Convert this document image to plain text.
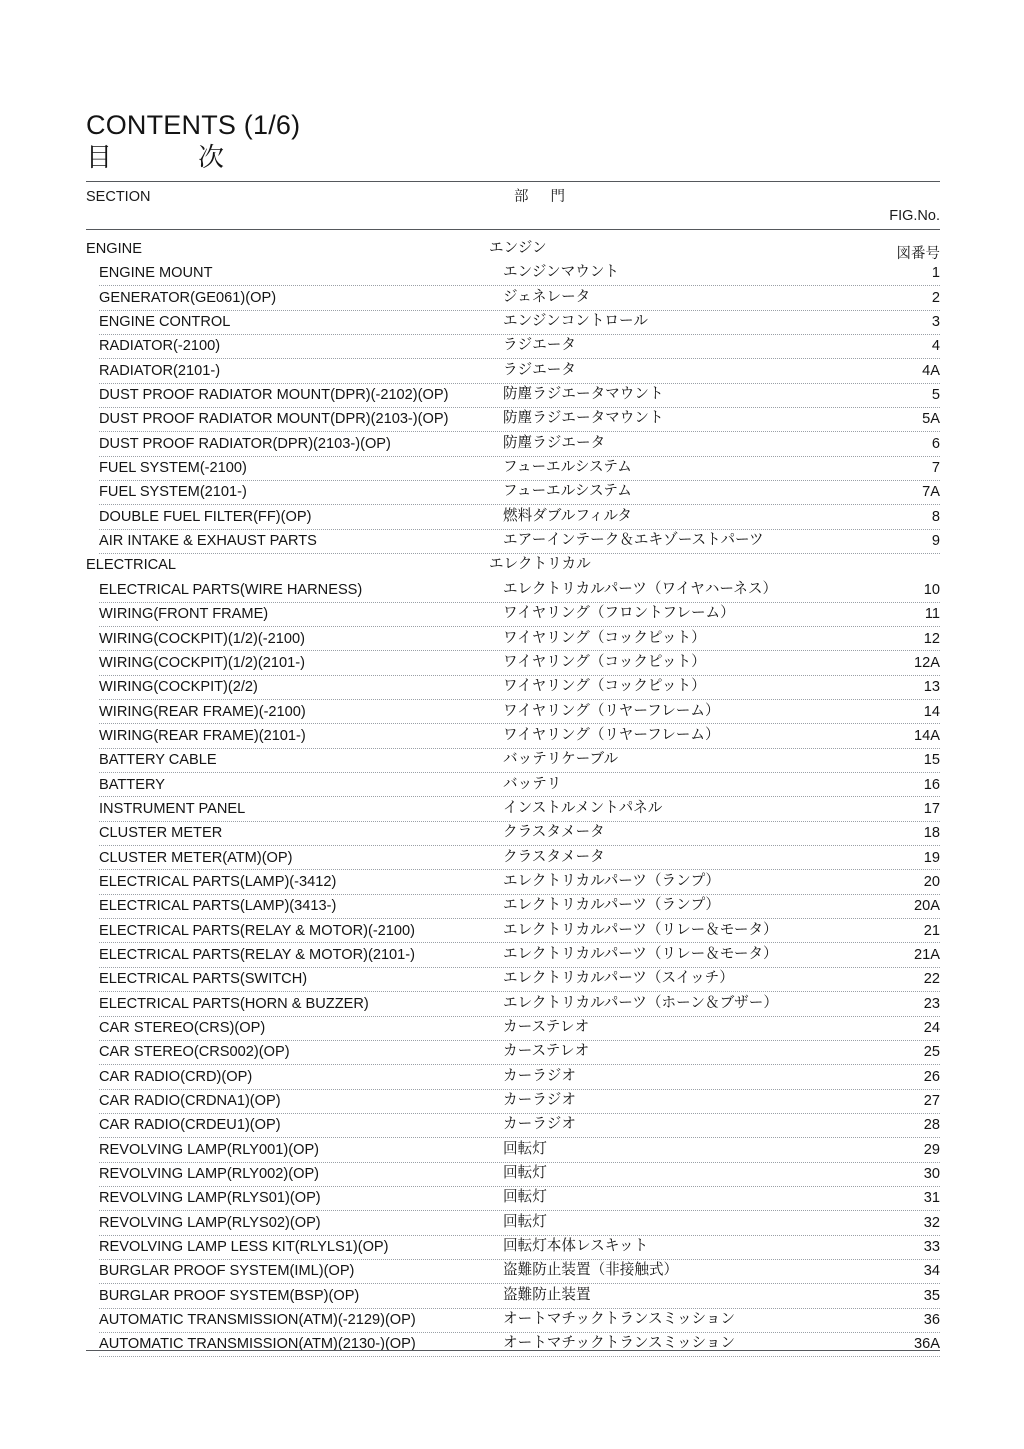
CONTENTS (1/6)
目	次
SECTION	部 門

FIG.No.

図番号

ENGINE	エンジン
ENGINE MOUNT	エンジンマウント	1
GENERATOR(GE061)(OP)	ジェネレータ	2
ENGINE CONTROL	エンジンコントロール	3
RADIATOR(-2100)	ラジエータ	4
RADIATOR(2101-)	ラジエータ	4A
DUST PROOF RADIATOR MOUNT(DPR)(-2102)(OP)	防塵ラジエータマウント	5
DUST PROOF RADIATOR MOUNT(DPR)(2103-)(OP)	防塵ラジエータマウント	5A
DUST PROOF RADIATOR(DPR)(2103-)(OP)	防塵ラジエータ	6
FUEL SYSTEM(-2100)	フューエルシステム	7
FUEL SYSTEM(2101-)	フューエルシステム	7A
DOUBLE FUEL FILTER(FF)(OP)	燃料ダブルフィルタ	8
AIR INTAKE & EXHAUST PARTS	エアーインテーク＆エキゾーストパーツ	9
ELECTRICAL	エレクトリカル
ELECTRICAL PARTS(WIRE HARNESS)	エレクトリカルパーツ（ワイヤハーネス）	10
WIRING(FRONT FRAME)	ワイヤリング（フロントフレーム）	11
WIRING(COCKPIT)(1/2)(-2100)	ワイヤリング（コックピット）	12
WIRING(COCKPIT)(1/2)(2101-)	ワイヤリング（コックピット）	12A
WIRING(COCKPIT)(2/2)	ワイヤリング（コックピット）	13
WIRING(REAR FRAME)(-2100)	ワイヤリング（リヤーフレーム）	14
WIRING(REAR FRAME)(2101-)	ワイヤリング（リヤーフレーム）	14A
BATTERY CABLE	バッテリケーブル	15
BATTERY	バッテリ	16
INSTRUMENT PANEL	インストルメントパネル	17
CLUSTER METER	クラスタメータ	18
CLUSTER METER(ATM)(OP)	クラスタメータ	19
ELECTRICAL PARTS(LAMP)(-3412)	エレクトリカルパーツ（ランプ）	20
ELECTRICAL PARTS(LAMP)(3413-)	エレクトリカルパーツ（ランプ）	20A
ELECTRICAL PARTS(RELAY & MOTOR)(-2100)	エレクトリカルパーツ（リレー＆モータ）	21
ELECTRICAL PARTS(RELAY & MOTOR)(2101-)	エレクトリカルパーツ（リレー＆モータ）	21A
ELECTRICAL PARTS(SWITCH)	エレクトリカルパーツ（スイッチ）	22
ELECTRICAL PARTS(HORN & BUZZER)	エレクトリカルパーツ（ホーン＆ブザー）	23
CAR STEREO(CRS)(OP)	カーステレオ	24
CAR STEREO(CRS002)(OP)	カーステレオ	25
CAR RADIO(CRD)(OP)	カーラジオ	26
CAR RADIO(CRDNA1)(OP)	カーラジオ	27
CAR RADIO(CRDEU1)(OP)	カーラジオ	28
REVOLVING LAMP(RLY001)(OP)	回転灯	29
REVOLVING LAMP(RLY002)(OP)	回転灯	30
REVOLVING LAMP(RLYS01)(OP)	回転灯	31
REVOLVING LAMP(RLYS02)(OP)	回転灯	32
REVOLVING LAMP LESS KIT(RLYLS1)(OP)	回転灯本体レスキット	33
BURGLAR PROOF SYSTEM(IML)(OP)	盗難防止装置（非接触式）	34
BURGLAR PROOF SYSTEM(BSP)(OP)	盗難防止装置	35
AUTOMATIC TRANSMISSION(ATM)(-2129)(OP)	オートマチックトランスミッション	36
AUTOMATIC TRANSMISSION(ATM)(2130-)(OP)	オートマチックトランスミッション	36A
